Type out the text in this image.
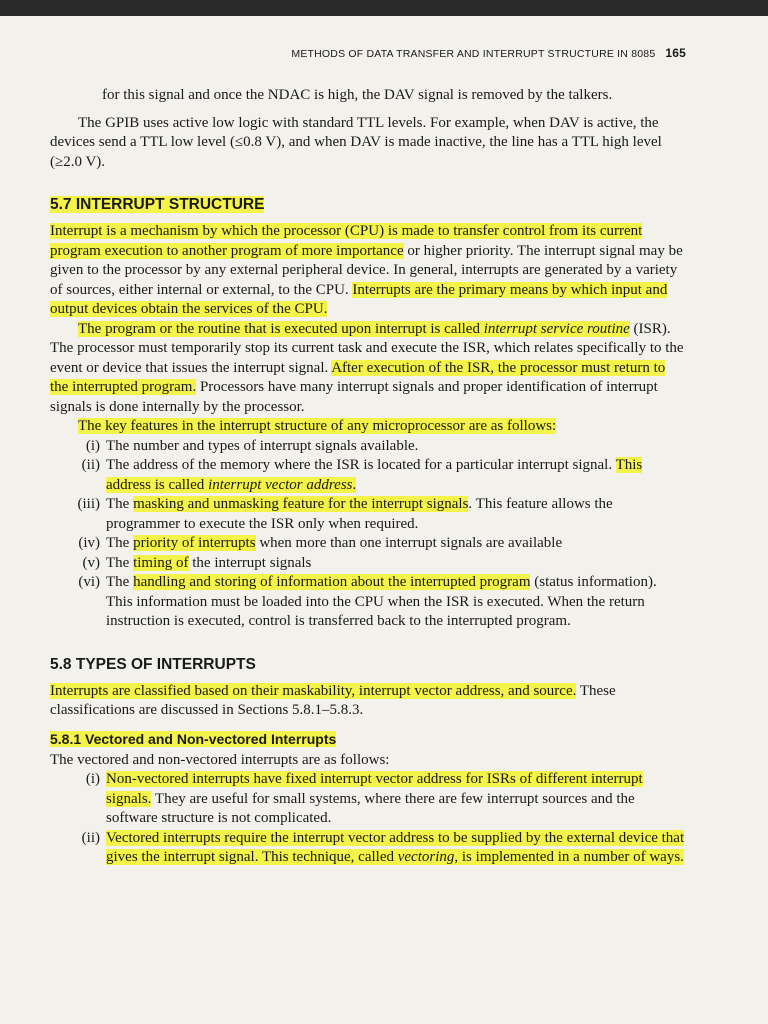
METHODS OF DATA TRANSFER AND INTERRUPT STRUCTURE IN 8085 165

for this signal and once the NDAC is high, the DAV signal is removed by the talkers.

The GPIB uses active low logic with standard TTL levels. For example, when DAV is active, the devices send a TTL low level (≤0.8 V), and when DAV is made inactive, the line has a TTL high level (≥2.0 V).

5.7 INTERRUPT STRUCTURE

Interrupt is a mechanism by which the processor (CPU) is made to transfer control from its current program execution to another program of more importance or higher priority. The interrupt signal may be given to the processor by any external peripheral device. In general, interrupts are generated by a variety of sources, either internal or external, to the CPU. Interrupts are the primary means by which input and output devices obtain the services of the CPU.

The program or the routine that is executed upon interrupt is called interrupt service routine (ISR). The processor must temporarily stop its current task and execute the ISR, which relates specifically to the event or device that issues the interrupt signal. After execution of the ISR, the processor must return to the interrupted program. Processors have many interrupt signals and proper identification of interrupt signals is done internally by the processor.

The key features in the interrupt structure of any microprocessor are as follows:

(i) The number and types of interrupt signals available.
(ii) The address of the memory where the ISR is located for a particular interrupt signal. This address is called interrupt vector address.
(iii) The masking and unmasking feature for the interrupt signals. This feature allows the programmer to execute the ISR only when required.
(iv) The priority of interrupts when more than one interrupt signals are available
(v) The timing of the interrupt signals
(vi) The handling and storing of information about the interrupted program (status information). This information must be loaded into the CPU when the ISR is executed. When the return instruction is executed, control is transferred back to the interrupted program.
5.8 TYPES OF INTERRUPTS

Interrupts are classified based on their maskability, interrupt vector address, and source. These classifications are discussed in Sections 5.8.1–5.8.3.

5.8.1 Vectored and Non-vectored Interrupts

The vectored and non-vectored interrupts are as follows:

(i) Non-vectored interrupts have fixed interrupt vector address for ISRs of different interrupt signals. They are useful for small systems, where there are few interrupt sources and the software structure is not complicated.
(ii) Vectored interrupts require the interrupt vector address to be supplied by the external device that gives the interrupt signal. This technique, called vectoring, is implemented in a number of ways.
